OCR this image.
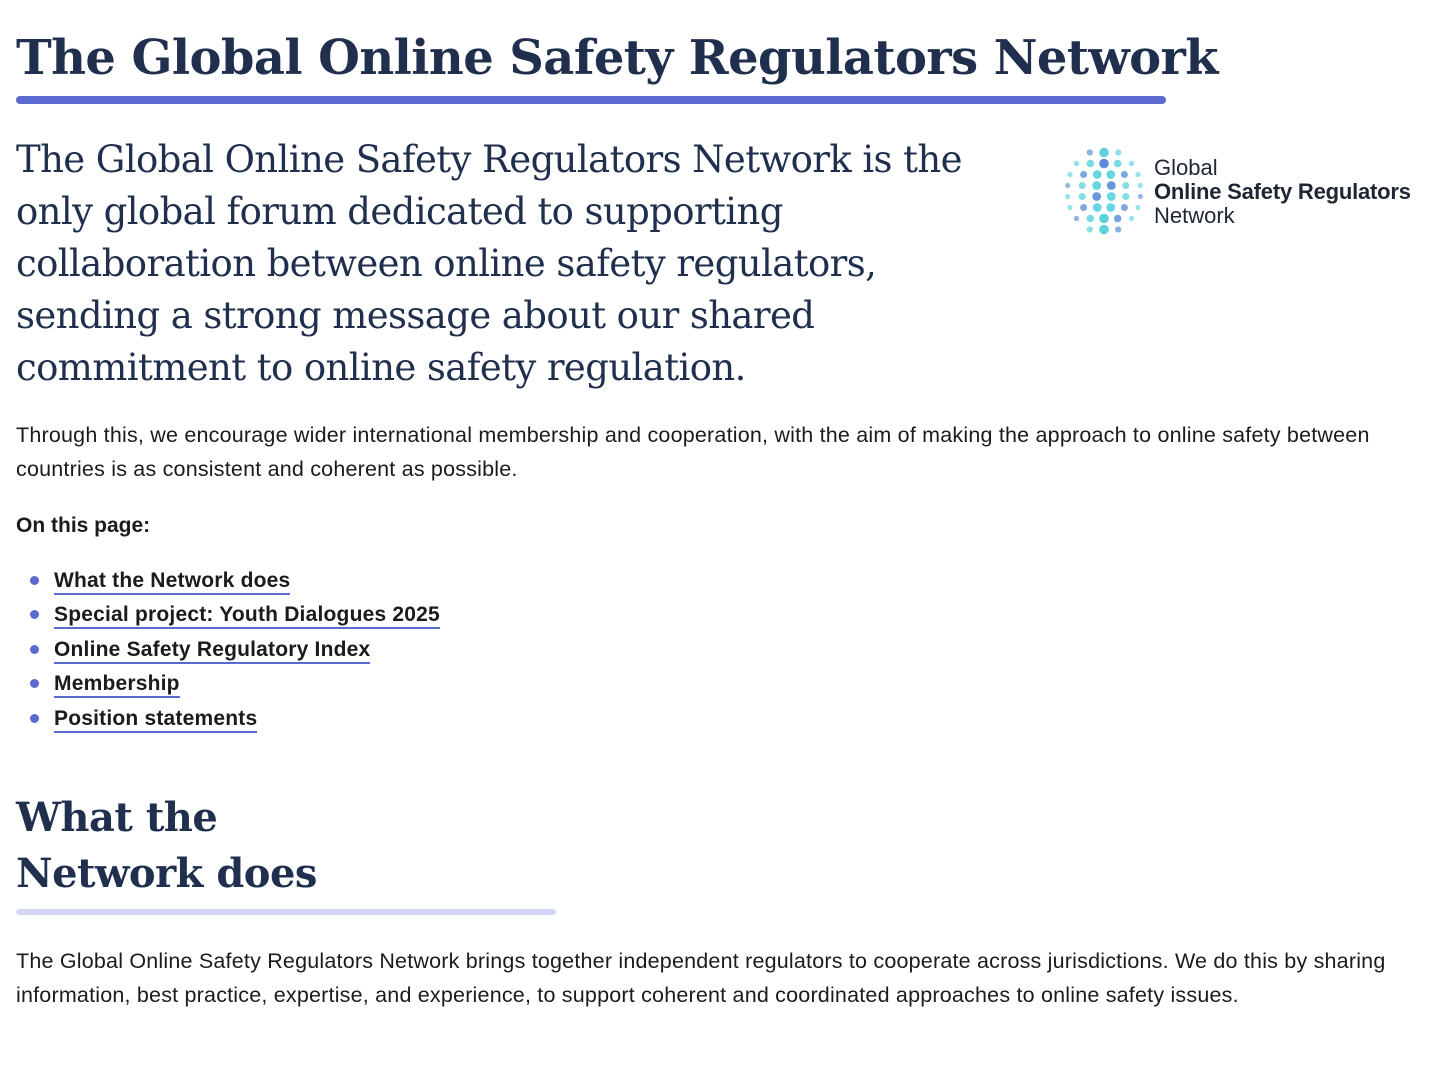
The Global Online Safety Regulators Network

The Global Online Safety Regulators Network is the only global forum dedicated to supporting collaboration between online safety regulators, sending a strong message about our shared commitment to online safety regulation.

Global
Online Safety Regulators
Network

Through this, we encourage wider international membership and cooperation, with the aim of making the approach to online safety between countries is as consistent and coherent as possible.

On this page:

What the Network does
Special project: Youth Dialogues 2025
Online Safety Regulatory Index
Membership
Position statements
What the
Network does

The Global Online Safety Regulators Network brings together independent regulators to cooperate across jurisdictions. We do this by sharing information, best practice, expertise, and experience, to support coherent and coordinated approaches to online safety issues.
